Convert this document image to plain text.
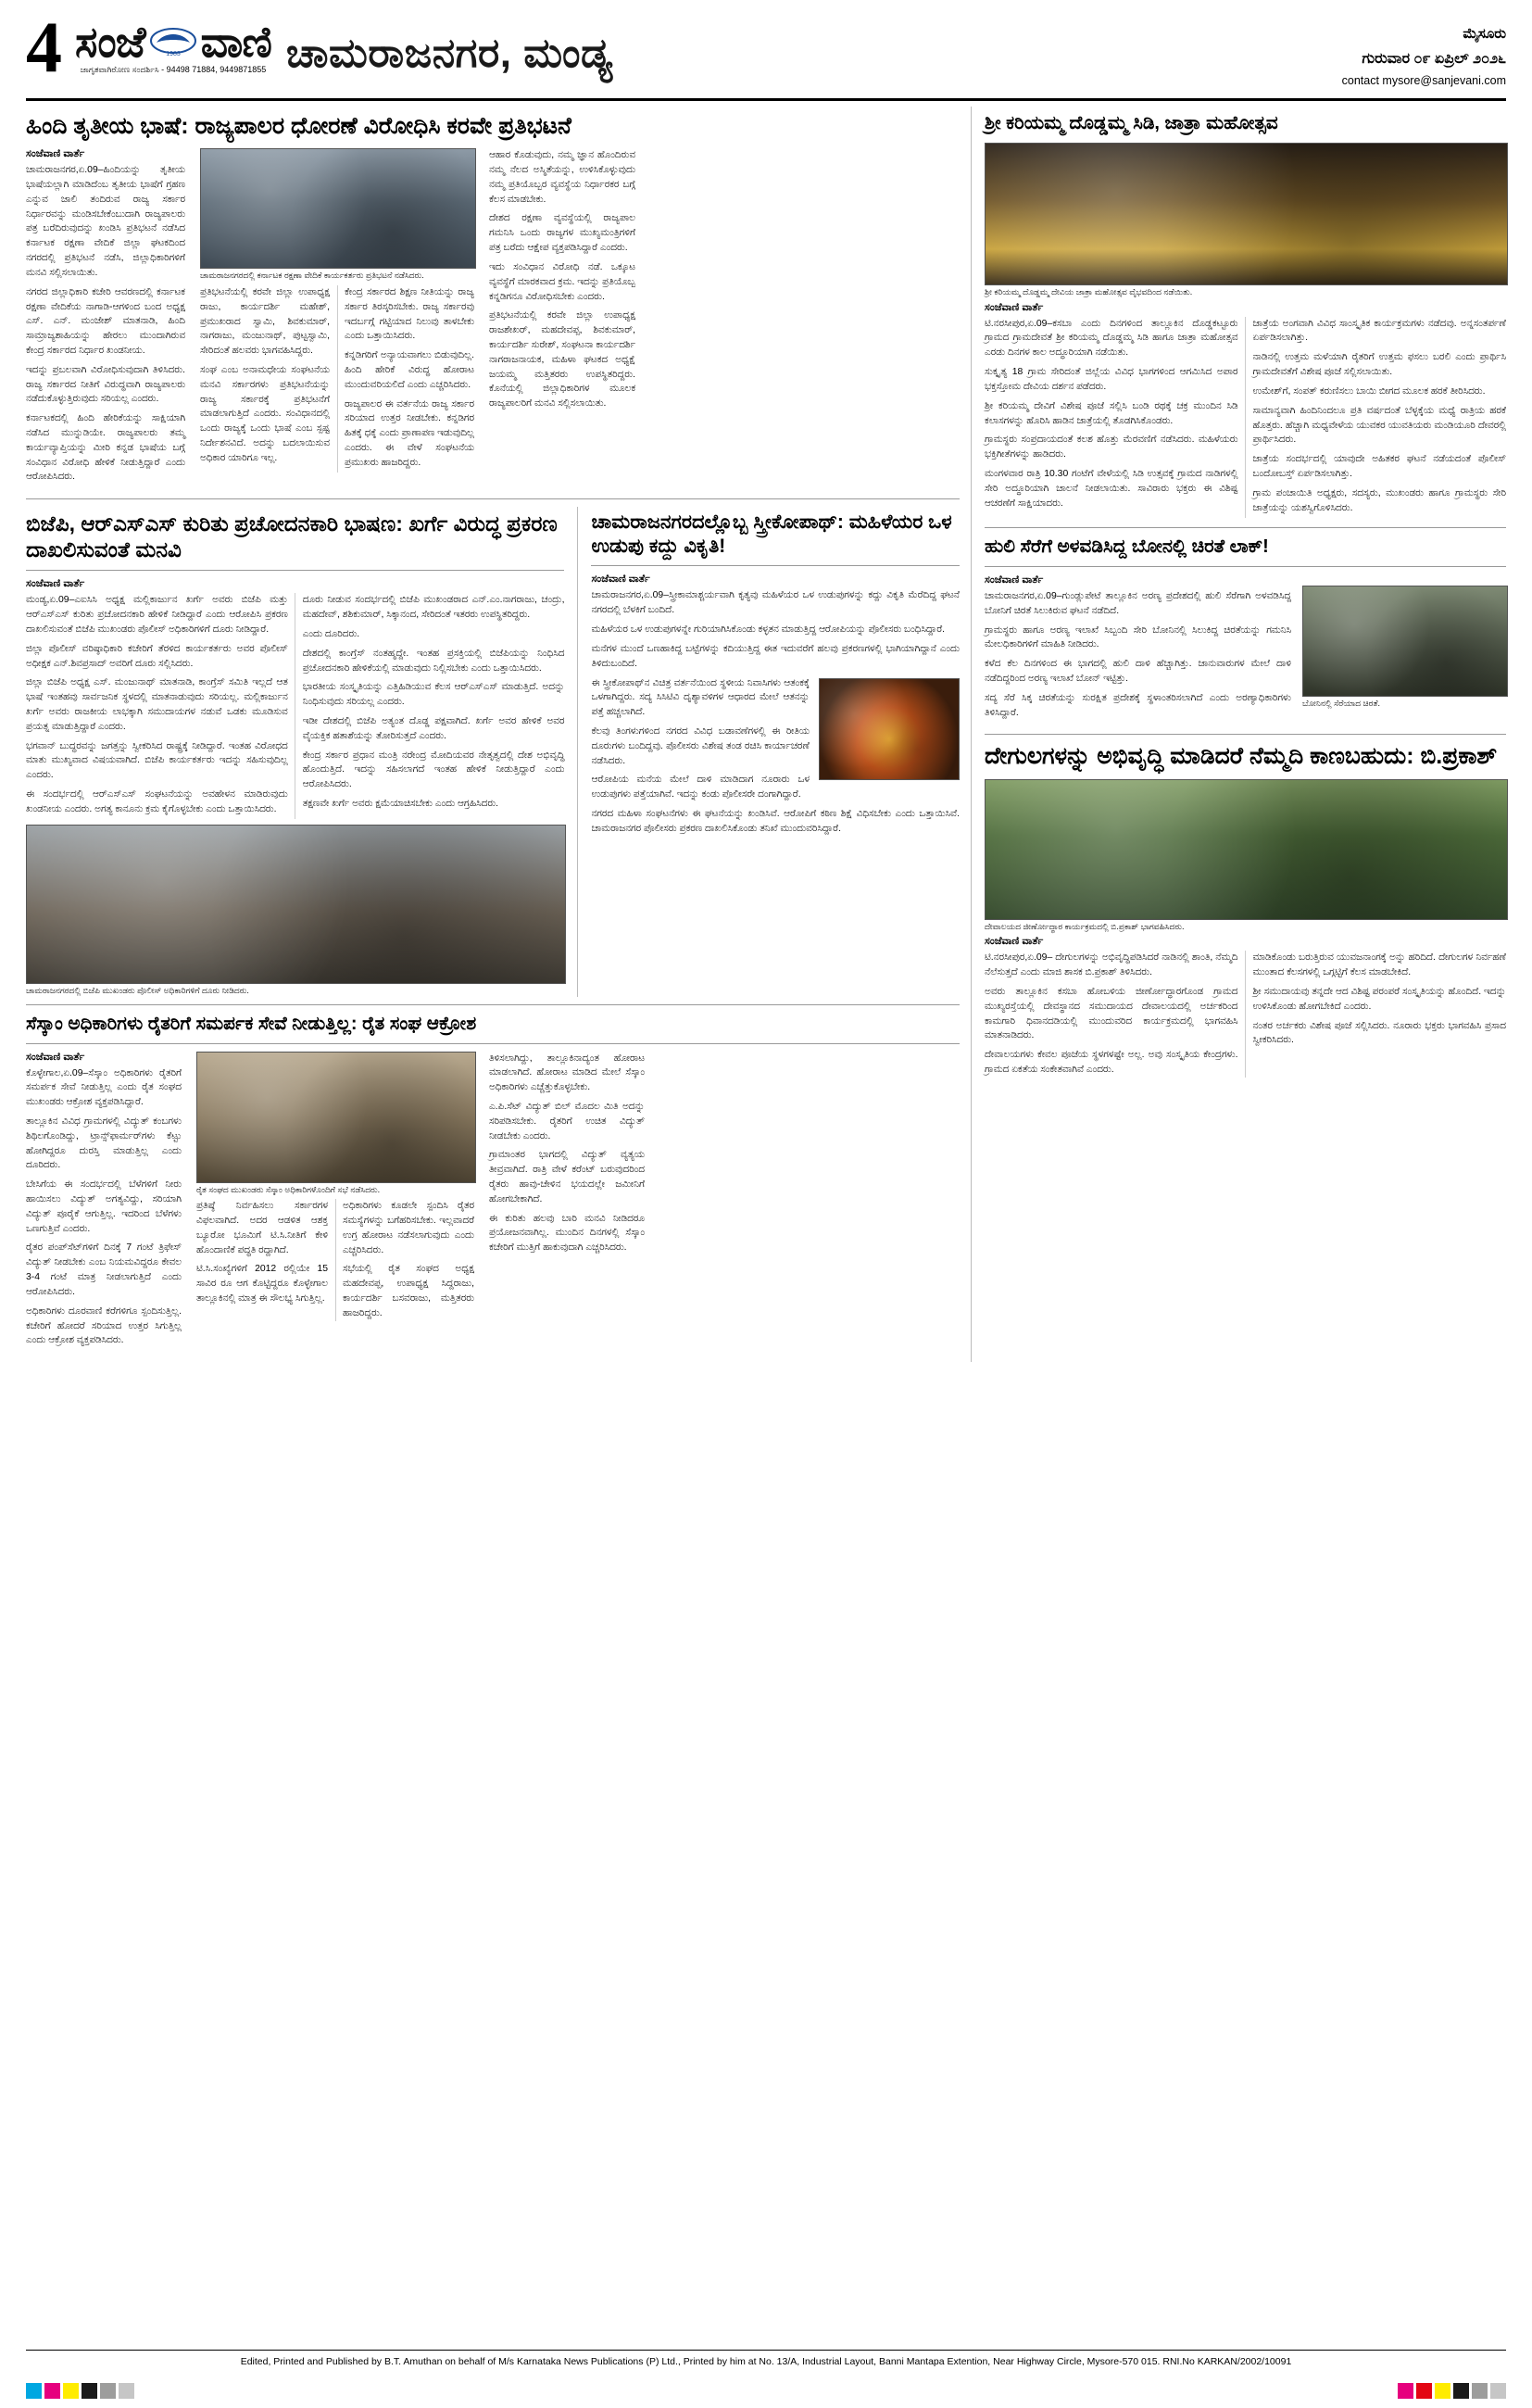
4 ಸಂಜೆ	1983 ವಾಣಿ
ಜಾಗೃತವಾಗಿರೋಣ ಸಂದರ್ಶಿಸಿ - 94498 71884, 9449871855 ಚಾಮರಾಜನಗರ, ಮಂಡ್ಯ	ಮೈಸೂರು
ಗುರುವಾರ ೦೯ ಏಪ್ರಿಲ್ ೨೦೨೬
contact mysore@sanjevani.com
ಹಿಂದಿ ತೃತೀಯ ಭಾಷೆ: ರಾಜ್ಯಪಾಲರ ಧೋರಣೆ ವಿರೋಧಿಸಿ ಕರವೇ ಪ್ರತಿಭಟನೆ
ಸಂಜೆವಾಣಿ ವಾರ್ತೆ

ಚಾಮರಾಜನಗರ,ಏ.09–ಹಿಂದಿಯನ್ನು ತೃತೀಯ ಭಾಷೆಯಲ್ಲಾಗಿ ಮಾಡಿದೆಂಬ ತೃತೀಯ ಭಾಷೆಗೆ ಗ್ರಹಣ ಎನ್ನುವ ಜಾಲಿ ತಂದಿರುವ ರಾಜ್ಯ ಸರ್ಕಾರ ನಿರ್ಧಾರವನ್ನು ಮಂಡಿಸಬೇಕೆಂಬುದಾಗಿ ರಾಜ್ಯಪಾಲರು ಪತ್ರ ಬರೆದಿರುವುದನ್ನು ಖಂಡಿಸಿ ಪ್ರತಿಭಟನೆ ನಡೆಸಿದ ಕರ್ನಾಟಕ ರಕ್ಷಣಾ ವೇದಿಕೆ ಜಿಲ್ಲಾ ಘಟಕದಿಂದ ನಗರದಲ್ಲಿ ಪ್ರತಿಭಟನೆ ನಡೆಸಿ, ಜಿಲ್ಲಾಧಿಕಾರಿಗಳಿಗೆ ಮನವಿ ಸಲ್ಲಿಸಲಾಯಿತು.

ನಗರದ ಜಿಲ್ಲಾಧಿಕಾರಿ ಕಚೇರಿ ಆವರಣದಲ್ಲಿ ಕರ್ನಾಟಕ ರಕ್ಷಣಾ ವೇದಿಕೆಯ ನಾಗಾಡಿ-ಆಗಳಿಂದ ಬಂದ ಅಧ್ಯಕ್ಷ ಎಸ್. ಎನ್. ಮಂಜೇಶ್ ಮಾತನಾಡಿ, ಹಿಂದಿ ಸಾಮ್ರಾಜ್ಯಶಾಹಿಯನ್ನು ಹೇರಲು ಮುಂದಾಗಿರುವ ಕೇಂದ್ರ ಸರ್ಕಾರದ ನಿರ್ಧಾರ ಖಂಡನೀಯ.

ಇದನ್ನು ಪ್ರಬಲವಾಗಿ ವಿರೋಧಿಸುವುದಾಗಿ ತಿಳಿಸಿದರು. ರಾಜ್ಯ ಸರ್ಕಾರದ ನೀತಿಗೆ ವಿರುದ್ಧವಾಗಿ ರಾಜ್ಯಪಾಲರು ನಡೆದುಕೊಳ್ಳುತ್ತಿರುವುದು ಸರಿಯಲ್ಲ ಎಂದರು.

ಕರ್ನಾಟಕದಲ್ಲಿ ಹಿಂದಿ ಹೇರಿಕೆಯನ್ನು ಸಾಕ್ಷಿಯಾಗಿ ನಡೆಸಿದ ಮುನ್ನುಡಿಯೇ. ರಾಜ್ಯಪಾಲರು ತಮ್ಮ ಕಾರ್ಯವ್ಯಾಪ್ತಿಯನ್ನು ಮೀರಿ ಕನ್ನಡ ಭಾಷೆಯ ಬಗ್ಗೆ ಸಂವಿಧಾನ ವಿರೋಧಿ ಹೇಳಿಕೆ ನೀಡುತ್ತಿದ್ದಾರೆ ಎಂದು ಆರೋಪಿಸಿದರು.

ಚಾಮರಾಜನಗರದಲ್ಲಿ ಕರ್ನಾಟಕ ರಕ್ಷಣಾ ವೇದಿಕೆ ಕಾರ್ಯಕರ್ತರು ಪ್ರತಿಭಟನೆ ನಡೆಸಿದರು.

ಪ್ರತಿಭಟನೆಯಲ್ಲಿ ಕರವೇ ಜಿಲ್ಲಾ ಉಪಾಧ್ಯಕ್ಷ ರಾಜು, ಕಾರ್ಯದರ್ಶಿ ಮಹೇಶ್, ಪ್ರಮುಖರಾದ ಸ್ವಾಮಿ, ಶಿವಕುಮಾರ್, ನಾಗರಾಜು, ಮಂಜುನಾಥ್, ಪುಟ್ಟಸ್ವಾಮಿ, ಸೇರಿದಂತೆ ಹಲವರು ಭಾಗವಹಿಸಿದ್ದರು.

ಸಂಘ ಎಂಬ ಅನಾಮಧೇಯ ಸಂಘಟನೆಯ ಮನವಿ ಸರ್ಕಾರಗಳು ಪ್ರತಿಭಟನೆಯನ್ನು ರಾಜ್ಯ ಸರ್ಕಾರಕ್ಕೆ ಪ್ರತಿಭಟನೆಗೆ ಮಾಡಲಾಗುತ್ತಿದೆ ಎಂದರು. ಸಂವಿಧಾನದಲ್ಲಿ ಒಂದು ರಾಜ್ಯಕ್ಕೆ ಒಂದು ಭಾಷೆ ಎಂಬ ಸ್ಪಷ್ಟ ನಿರ್ದೇಶನವಿದೆ. ಅದನ್ನು ಬದಲಾಯಿಸುವ ಅಧಿಕಾರ ಯಾರಿಗೂ ಇಲ್ಲ.

ಕೇಂದ್ರ ಸರ್ಕಾರದ ಶಿಕ್ಷಣ ನೀತಿಯನ್ನು ರಾಜ್ಯ ಸರ್ಕಾರ ತಿರಸ್ಕರಿಸಬೇಕು. ರಾಜ್ಯ ಸರ್ಕಾರವು ಇದರ್ಬಗ್ಗೆ ಗಟ್ಟಿಯಾದ ನಿಲುವು ತಾಳಬೇಕು ಎಂದು ಒತ್ತಾಯಿಸಿದರು.

ಕನ್ನಡಿಗರಿಗೆ ಅನ್ಯಾಯವಾಗಲು ಬಿಡುವುದಿಲ್ಲ. ಹಿಂದಿ ಹೇರಿಕೆ ವಿರುದ್ಧ ಹೋರಾಟ ಮುಂದುವರಿಯಲಿದೆ ಎಂದು ಎಚ್ಚರಿಸಿದರು.

ರಾಜ್ಯಪಾಲರ ಈ ವರ್ತನೆಯ ರಾಜ್ಯ ಸರ್ಕಾರ ಸರಿಯಾದ ಉತ್ತರ ನೀಡಬೇಕು. ಕನ್ನಡಿಗರ ಹಿತಕ್ಕೆ ಧಕ್ಕೆ ಎಂದು ಪ್ರಾಣಾಪಣ ಇಡುವುದಿಲ್ಲ ಎಂದರು. ಈ ವೇಳೆ ಸಂಘಟನೆಯ ಪ್ರಮುಖರು ಹಾಜರಿದ್ದರು.

ಆಹಾರ ಕೊಡುವುದು, ನಮ್ಮ ಜ್ಞಾನ ಹೊಂದಿರುವ ನಮ್ಮ ನೆಲದ ಅಸ್ಮಿತೆಯನ್ನು, ಉಳಿಸಿಕೊಳ್ಳುವುದು ನಮ್ಮ ಪ್ರತಿಯೊಬ್ಬರ ವ್ಯವಸ್ಥೆಯ ನಿರ್ಧಾರಕರ ಬಗ್ಗೆ ಕೆಲಸ ಮಾಡಬೇಕು.

ದೇಶದ ರಕ್ಷಣಾ ವ್ಯವಸ್ಥೆಯಲ್ಲಿ ರಾಜ್ಯಪಾಲ ಗಮನಿಸಿ ಒಂದು ರಾಜ್ಯಗಳ ಮುಖ್ಯಮಂತ್ರಿಗಳಿಗೆ ಪತ್ರ ಬರೆದು ಆಕ್ಷೇಪ ವ್ಯಕ್ತಪಡಿಸಿದ್ದಾರೆ ಎಂದರು.

ಇದು ಸಂವಿಧಾನ ವಿರೋಧಿ ನಡೆ. ಒಕ್ಕೂಟ ವ್ಯವಸ್ಥೆಗೆ ಮಾರಕವಾದ ಕ್ರಮ. ಇದನ್ನು ಪ್ರತಿಯೊಬ್ಬ ಕನ್ನಡಿಗನೂ ವಿರೋಧಿಸಬೇಕು ಎಂದರು.

ಪ್ರತಿಭಟನೆಯಲ್ಲಿ ಕರವೇ ಜಿಲ್ಲಾ ಉಪಾಧ್ಯಕ್ಷ ರಾಜಶೇಖರ್, ಮಹದೇವಪ್ಪ, ಶಿವಕುಮಾರ್, ಕಾರ್ಯದರ್ಶಿ ಸುರೇಶ್, ಸಂಘಟನಾ ಕಾರ್ಯದರ್ಶಿ ನಾಗರಾಜನಾಯಕ, ಮಹಿಳಾ ಘಟಕದ ಅಧ್ಯಕ್ಷೆ ಜಯಮ್ಮ ಮತ್ತಿತರರು ಉಪಸ್ಥಿತರಿದ್ದರು. ಕೊನೆಯಲ್ಲಿ ಜಿಲ್ಲಾಧಿಕಾರಿಗಳ ಮೂಲಕ ರಾಜ್ಯಪಾಲರಿಗೆ ಮನವಿ ಸಲ್ಲಿಸಲಾಯಿತು.

ಬಿಜೆಪಿ, ಆರ್‌ಎಸ್‌ಎಸ್ ಕುರಿತು ಪ್ರಚೋದನಕಾರಿ ಭಾಷಣ: ಖರ್ಗೆ ವಿರುದ್ಧ ಪ್ರಕರಣ ದಾಖಲಿಸುವಂತೆ ಮನವಿ
ಸಂಜೆವಾಣಿ ವಾರ್ತೆ

ಮಂಡ್ಯ,ಏ.09–ಎಐಸಿಸಿ ಅಧ್ಯಕ್ಷ ಮಲ್ಲಿಕಾರ್ಜುನ ಖರ್ಗೆ ಅವರು ಬಿಜೆಪಿ ಮತ್ತು ಆರ್‌ಎಸ್‌ಎಸ್ ಕುರಿತು ಪ್ರಚೋದನಕಾರಿ ಹೇಳಿಕೆ ನೀಡಿದ್ದಾರೆ ಎಂದು ಆರೋಪಿಸಿ ಪ್ರಕರಣ ದಾಖಲಿಸುವಂತೆ ಬಿಜೆಪಿ ಮುಖಂಡರು ಪೊಲೀಸ್ ಅಧಿಕಾರಿಗಳಿಗೆ ದೂರು ನೀಡಿದ್ದಾರೆ.

ಜಿಲ್ಲಾ ಪೊಲೀಸ್ ವರಿಷ್ಠಾಧಿಕಾರಿ ಕಚೇರಿಗೆ ತೆರಳಿದ ಕಾರ್ಯಕರ್ತರು ಅವರ ಪೊಲೀಸ್ ಅಧೀಕ್ಷಕ ಎನ್.ಶಿವಪ್ರಸಾದ್ ಅವರಿಗೆ ದೂರು ಸಲ್ಲಿಸಿದರು.

ಜಿಲ್ಲಾ ಬಿಜೆಪಿ ಅಧ್ಯಕ್ಷ ಎಸ್. ಮಂಜುನಾಥ್ ಮಾತನಾಡಿ, ಕಾಂಗ್ರೆಸ್ ಸಮಿತಿ ಇಲ್ಲದೆ ಆತ ಭಾಷೆ ಇಂತಹವು ಸಾರ್ವಜನಿಕ ಸ್ಥಳದಲ್ಲಿ ಮಾತನಾಡುವುದು ಸರಿಯಲ್ಲ. ಮಲ್ಲಿಕಾರ್ಜುನ ಖರ್ಗೆ ಅವರು ರಾಜಕೀಯ ಲಾಭಕ್ಕಾಗಿ ಸಮುದಾಯಗಳ ನಡುವೆ ಒಡಕು ಮೂಡಿಸುವ ಪ್ರಯತ್ನ ಮಾಡುತ್ತಿದ್ದಾರೆ ಎಂದರು.

ಭಗವಾನ್ ಬುದ್ಧರವನ್ನು ಜಗತ್ತನ್ನು ಸ್ವೀಕರಿಸಿದ ರಾಷ್ಟ್ರಕ್ಕೆ ನೀಡಿದ್ದಾರೆ. ಇಂತಹ ವಿರೋಧದ ಮಾತು ಮುಖ್ಯವಾದ ವಿಷಯವಾಗಿದೆ. ಬಿಜೆಪಿ ಕಾರ್ಯಕರ್ತರು ಇದನ್ನು ಸಹಿಸುವುದಿಲ್ಲ ಎಂದರು.

ಈ ಸಂದರ್ಭದಲ್ಲಿ ಆರ್‌ಎಸ್‌ಎಸ್ ಸಂಘಟನೆಯನ್ನು ಅವಹೇಳನ ಮಾಡಿರುವುದು ಖಂಡನೀಯ ಎಂದರು. ಅಗತ್ಯ ಕಾನೂನು ಕ್ರಮ ಕೈಗೊಳ್ಳಬೇಕು ಎಂದು ಒತ್ತಾಯಿಸಿದರು.

ದೂರು ನೀಡುವ ಸಂದರ್ಭದಲ್ಲಿ ಬಿಜೆಪಿ ಮುಖಂಡರಾದ ಎನ್.ಎಂ.ನಾಗರಾಜು, ಚಂದ್ರು, ಮಹದೇವ್, ಶಶಿಕುಮಾರ್, ಸಿಕ್ಕಾನಂದ, ಸೇರಿದಂತೆ ಇತರರು ಉಪಸ್ಥಿತರಿದ್ದರು.

ಎಂದು ದೂರಿದರು.

ದೇಶದಲ್ಲಿ ಕಾಂಗ್ರೆಸ್ ನಂತಹ್ಮದ್ದೇ. ಇಂತಹ ಪ್ರಸಕ್ತಿಯಲ್ಲಿ ಬಿಜೆಪಿಯನ್ನು ನಿಂಧಿಸಿದ ಪ್ರಚೋದನಕಾರಿ ಹೇಳಿಕೆಯಲ್ಲಿ ಮಾಡುವುದು ನಿಲ್ಲಿಸಬೇಕು ಎಂದು ಒತ್ತಾಯಿಸಿದರು.

ಭಾರತೀಯ ಸಂಸ್ಕೃತಿಯನ್ನು ಎತ್ತಿಹಿಡಿಯುವ ಕೆಲಸ ಆರ್‌ಎಸ್‌ಎಸ್ ಮಾಡುತ್ತಿದೆ. ಅದನ್ನು ನಿಂಧಿಸುವುದು ಸರಿಯಲ್ಲ ಎಂದರು.

ಇಡೀ ದೇಶದಲ್ಲಿ ಬಿಜೆಪಿ ಅತ್ಯಂತ ದೊಡ್ಡ ಪಕ್ಷವಾಗಿದೆ. ಖರ್ಗೆ ಅವರ ಹೇಳಿಕೆ ಅವರ ವೈಯಕ್ತಿಕ ಹತಾಶೆಯನ್ನು ತೋರಿಸುತ್ತದೆ ಎಂದರು.

ಕೇಂದ್ರ ಸರ್ಕಾರ ಪ್ರಧಾನ ಮಂತ್ರಿ ನರೇಂದ್ರ ಮೋದಿಯವರ ನೇತೃತ್ವದಲ್ಲಿ ದೇಶ ಅಭಿವೃದ್ಧಿ ಹೊಂದುತ್ತಿದೆ. ಇದನ್ನು ಸಹಿಸಲಾಗದೆ ಇಂತಹ ಹೇಳಿಕೆ ನೀಡುತ್ತಿದ್ದಾರೆ ಎಂದು ಆರೋಪಿಸಿದರು.

ತಕ್ಷಣವೇ ಖರ್ಗೆ ಅವರು ಕ್ಷಮೆಯಾಚಿಸಬೇಕು ಎಂದು ಆಗ್ರಹಿಸಿದರು.

ಚಾಮರಾಜನಗರದಲ್ಲಿ ಬಿಜೆಪಿ ಮುಖಂಡರು ಪೊಲೀಸ್ ಅಧಿಕಾರಿಗಳಿಗೆ ದೂರು ನೀಡಿದರು.
ಚಾಮರಾಜನಗರದಲ್ಲೊಬ್ಬ ಸ್ತ್ರೀಕೋಪಾಥ್: ಮಹಿಳೆಯರ ಒಳ ಉಡುಪು ಕದ್ದು ವಿಕೃತಿ!
ಸಂಜೆವಾಣಿ ವಾರ್ತೆ

ಚಾಮರಾಜನಗರ,ಏ.09–ಸ್ತ್ರೀಕಾಮಾಶ್ಚರ್ಯವಾಗಿ ಕೃತ್ಯವು ಮಹಿಳೆಯರ ಒಳ ಉಡುಪುಗಳನ್ನು ಕದ್ದು ವಿಕೃತಿ ಮೆರೆದಿದ್ದ ಘಟನೆ ನಗರದಲ್ಲಿ ಬೆಳಕಿಗೆ ಬಂದಿದೆ.

ಮಹಿಳೆಯರ ಒಳ ಉಡುಪುಗಳನ್ನೇ ಗುರಿಯಾಗಿಸಿಕೊಂಡು ಕಳ್ಳತನ ಮಾಡುತ್ತಿದ್ದ ಆರೋಪಿಯನ್ನು ಪೊಲೀಸರು ಬಂಧಿಸಿದ್ದಾರೆ.

ಮನೆಗಳ ಮುಂದೆ ಒಣಹಾಕಿದ್ದ ಬಟ್ಟೆಗಳನ್ನು ಕದಿಯುತ್ತಿದ್ದ ಈತ ಇದುವರೆಗೆ ಹಲವು ಪ್ರಕರಣಗಳಲ್ಲಿ ಭಾಗಿಯಾಗಿದ್ದಾನೆ ಎಂದು ತಿಳಿದುಬಂದಿದೆ.

ಈ ಸ್ತ್ರೀಕೋಪಾಥ್‌ನ ವಿಚಿತ್ರ ವರ್ತನೆಯಿಂದ ಸ್ಥಳೀಯ ನಿವಾಸಿಗಳು ಆತಂಕಕ್ಕೆ ಒಳಗಾಗಿದ್ದರು. ಸದ್ಯ ಸಿಸಿಟಿವಿ ದೃಶ್ಯಾವಳಿಗಳ ಆಧಾರದ ಮೇಲೆ ಆತನನ್ನು ಪತ್ತೆ ಹಚ್ಚಲಾಗಿದೆ.

ಕೆಲವು ತಿಂಗಳುಗಳಿಂದ ನಗರದ ವಿವಿಧ ಬಡಾವಣೆಗಳಲ್ಲಿ ಈ ರೀತಿಯ ದೂರುಗಳು ಬಂದಿದ್ದವು. ಪೊಲೀಸರು ವಿಶೇಷ ತಂಡ ರಚಿಸಿ ಕಾರ್ಯಾಚರಣೆ ನಡೆಸಿದರು.

ಆರೋಪಿಯ ಮನೆಯ ಮೇಲೆ ದಾಳಿ ಮಾಡಿದಾಗ ನೂರಾರು ಒಳ ಉಡುಪುಗಳು ಪತ್ತೆಯಾಗಿವೆ. ಇದನ್ನು ಕಂಡು ಪೊಲೀಸರೇ ದಂಗಾಗಿದ್ದಾರೆ.

ನಗರದ ಮಹಿಳಾ ಸಂಘಟನೆಗಳು ಈ ಘಟನೆಯನ್ನು ಖಂಡಿಸಿವೆ. ಆರೋಪಿಗೆ ಕಠಿಣ ಶಿಕ್ಷೆ ವಿಧಿಸಬೇಕು ಎಂದು ಒತ್ತಾಯಿಸಿವೆ. ಚಾಮರಾಜನಗರ ಪೊಲೀಸರು ಪ್ರಕರಣ ದಾಖಲಿಸಿಕೊಂಡು ತನಿಖೆ ಮುಂದುವರಿಸಿದ್ದಾರೆ.

ಸೆಸ್ಕಾಂ ಅಧಿಕಾರಿಗಳು ರೈತರಿಗೆ ಸಮರ್ಪಕ ಸೇವೆ ನೀಡುತ್ತಿಲ್ಲ: ರೈತ ಸಂಘ ಆಕ್ರೋಶ
ಸಂಜೆವಾಣಿ ವಾರ್ತೆ

ಕೊಳ್ಳೇಗಾಲ,ಏ.09–ಸೆಸ್ಕಾಂ ಅಧಿಕಾರಿಗಳು ರೈತರಿಗೆ ಸಮರ್ಪಕ ಸೇವೆ ನೀಡುತ್ತಿಲ್ಲ ಎಂದು ರೈತ ಸಂಘದ ಮುಖಂಡರು ಆಕ್ರೋಶ ವ್ಯಕ್ತಪಡಿಸಿದ್ದಾರೆ.

ತಾಲ್ಲೂಕಿನ ವಿವಿಧ ಗ್ರಾಮಗಳಲ್ಲಿ ವಿದ್ಯುತ್ ಕಂಬಗಳು ಶಿಥಿಲಗೊಂಡಿದ್ದು, ಟ್ರಾನ್ಸ್‌ಫಾರ್ಮರ್‌ಗಳು ಕೆಟ್ಟು ಹೋಗಿದ್ದರೂ ದುರಸ್ತಿ ಮಾಡುತ್ತಿಲ್ಲ ಎಂದು ದೂರಿದರು.

ಬೇಸಿಗೆಯ ಈ ಸಂದರ್ಭದಲ್ಲಿ ಬೆಳೆಗಳಿಗೆ ನೀರು ಹಾಯಿಸಲು ವಿದ್ಯುತ್ ಅಗತ್ಯವಿದ್ದು, ಸರಿಯಾಗಿ ವಿದ್ಯುತ್ ಪೂರೈಕೆ ಆಗುತ್ತಿಲ್ಲ. ಇದರಿಂದ ಬೆಳೆಗಳು ಒಣಗುತ್ತಿವೆ ಎಂದರು.

ರೈತರ ಪಂಪ್‌ಸೆಟ್‌ಗಳಿಗೆ ದಿನಕ್ಕೆ 7 ಗಂಟೆ ತ್ರಿಫೇಸ್ ವಿದ್ಯುತ್ ನೀಡಬೇಕು ಎಂಬ ನಿಯಮವಿದ್ದರೂ ಕೇವಲ 3-4 ಗಂಟೆ ಮಾತ್ರ ನೀಡಲಾಗುತ್ತಿದೆ ಎಂದು ಆರೋಪಿಸಿದರು.

ಅಧಿಕಾರಿಗಳು ದೂರವಾಣಿ ಕರೆಗಳಿಗೂ ಸ್ಪಂದಿಸುತ್ತಿಲ್ಲ. ಕಚೇರಿಗೆ ಹೋದರೆ ಸರಿಯಾದ ಉತ್ತರ ಸಿಗುತ್ತಿಲ್ಲ ಎಂದು ಆಕ್ರೋಶ ವ್ಯಕ್ತಪಡಿಸಿದರು.

ರೈತ ಸಂಘದ ಮುಖಂಡರು ಸೆಸ್ಕಾಂ ಅಧಿಕಾರಿಗಳೊಂದಿಗೆ ಸಭೆ ನಡೆಸಿದರು.

ಪ್ರತಿಷ್ಠೆ ನಿರ್ವಹಿಸಲು ಸರ್ಕಾರಗಳ ವಿಫಲವಾಗಿದೆ. ಅದರ ಆಡಳಿತ ಆಶಕ್ತ ಬ್ಯೂರೋ ಭೂಮಿಗೆ ಟಿ.ಸಿ.ನೀತಿಗೆ ಕೇಳಿ ಹೊಂದಾಣಿಕೆ ಪದ್ಧತಿ ರದ್ದಾಗಿದೆ.

ಟಿ.ಸಿ.ಸಂಖ್ಯೆಗಳಿಗೆ 2012 ರಲ್ಲಿಯೇ 15 ಸಾವಿರ ರೂ ಆಗ ಕೊಟ್ಟಿದ್ದರೂ ಕೊಳ್ಳೇಗಾಲ ತಾಲ್ಲೂಕಿನಲ್ಲಿ ಮಾತ್ರ ಈ ಸೌಲಭ್ಯ ಸಿಗುತ್ತಿಲ್ಲ.

ಅಧಿಕಾರಿಗಳು ಕೂಡಲೇ ಸ್ಪಂದಿಸಿ ರೈತರ ಸಮಸ್ಯೆಗಳನ್ನು ಬಗೆಹರಿಸಬೇಕು. ಇಲ್ಲವಾದರೆ ಉಗ್ರ ಹೋರಾಟ ನಡೆಸಲಾಗುವುದು ಎಂದು ಎಚ್ಚರಿಸಿದರು.

ಸಭೆಯಲ್ಲಿ ರೈತ ಸಂಘದ ಅಧ್ಯಕ್ಷ ಮಹದೇವಪ್ಪ, ಉಪಾಧ್ಯಕ್ಷ ಸಿದ್ದರಾಜು, ಕಾರ್ಯದರ್ಶಿ ಬಸವರಾಜು, ಮತ್ತಿತರರು ಹಾಜರಿದ್ದರು.

ತಿಳಿಸಲಾಗಿದ್ದು, ತಾಲ್ಲೂಕಿನಾದ್ಯಂತ ಹೋರಾಟ ಮಾಡಲಾಗಿದೆ. ಹೋರಾಟ ಮಾಡಿದ ಮೇಲೆ ಸೆಸ್ಕಾಂ ಅಧಿಕಾರಿಗಳು ಎಚ್ಚೆತ್ತುಕೊಳ್ಳಬೇಕು.

ಎ.ಪಿ.ಸೆಟ್ ವಿದ್ಯುತ್ ಬಿಲ್ ಮೊದಲ ಮಿತಿ ಅದನ್ನು ಸರಿಪಡಿಸಬೇಕು. ರೈತರಿಗೆ ಉಚಿತ ವಿದ್ಯುತ್ ನೀಡಬೇಕು ಎಂದರು.

ಗ್ರಾಮಾಂತರ ಭಾಗದಲ್ಲಿ ವಿದ್ಯುತ್ ವ್ಯತ್ಯಯ ತೀವ್ರವಾಗಿದೆ. ರಾತ್ರಿ ವೇಳೆ ಕರೆಂಟ್ ಬರುವುದರಿಂದ ರೈತರು ಹಾವು-ಚೇಳಿನ ಭಯದಲ್ಲೇ ಜಮೀನಿಗೆ ಹೋಗಬೇಕಾಗಿದೆ.

ಈ ಕುರಿತು ಹಲವು ಬಾರಿ ಮನವಿ ನೀಡಿದರೂ ಪ್ರಯೋಜನವಾಗಿಲ್ಲ. ಮುಂದಿನ ದಿನಗಳಲ್ಲಿ ಸೆಸ್ಕಾಂ ಕಚೇರಿಗೆ ಮುತ್ತಿಗೆ ಹಾಕುವುದಾಗಿ ಎಚ್ಚರಿಸಿದರು.

ಶ್ರೀ ಕರಿಯಮ್ಮ ದೊಡ್ಡಮ್ಮ ಸಿಡಿ, ಜಾತ್ರಾ ಮಹೋತ್ಸವ
ಶ್ರೀ ಕರಿಯಮ್ಮ ದೊಡ್ಡಮ್ಮ ದೇವಿಯ ಜಾತ್ರಾ ಮಹೋತ್ಸವ ವೈಭವದಿಂದ ನಡೆಯಿತು.
ಸಂಜೆವಾಣಿ ವಾರ್ತೆ

ಟಿ.ನರಸೀಪುರ,ಏ.09–ಕಸಬಾ ಎಂದು ದಿನಗಳಿಂದ ತಾಲ್ಲೂಕಿನ ದೊಡ್ಡಕಟ್ಟೂರು ಗ್ರಾಮದ ಗ್ರಾಮದೇವತೆ ಶ್ರೀ ಕರಿಯಮ್ಮ ದೊಡ್ಡಮ್ಮ ಸಿಡಿ ಹಾಗೂ ಜಾತ್ರಾ ಮಹೋತ್ಸವ ಎರಡು ದಿನಗಳ ಕಾಲ ಅದ್ಧೂರಿಯಾಗಿ ನಡೆಯಿತು.

ಸುಕ್ಕೃತ್ಯ 18 ಗ್ರಾಮ ಸೇರಿದಂತೆ ಜಿಲ್ಲೆಯ ವಿವಿಧ ಭಾಗಗಳಿಂದ ಆಗಮಿಸಿದ ಅಪಾರ ಭಕ್ತಸ್ತೋಮ ದೇವಿಯ ದರ್ಶನ ಪಡೆದರು.

ಶ್ರೀ ಕರಿಯಮ್ಮ ದೇವಿಗೆ ವಿಶೇಷ ಪೂಜೆ ಸಲ್ಲಿಸಿ ಬಂಡಿ ರಥಕ್ಕೆ ಚಕ್ರ ಮುಂದಿನ ಸಿಡಿ ಕಲಾಸಗಳನ್ನು ಹೊರಿಸಿ ಹಾಡಿನ ಜಾತ್ರೆಯಲ್ಲಿ ತೊಡಗಿಸಿಕೊಂಡರು.

ಗ್ರಾಮಸ್ಥರು ಸಂಪ್ರದಾಯದಂತೆ ಕಲಶ ಹೊತ್ತು ಮೆರವಣಿಗೆ ನಡೆಸಿದರು. ಮಹಿಳೆಯರು ಭಕ್ತಿಗೀತೆಗಳನ್ನು ಹಾಡಿದರು.

ಮಂಗಳವಾರ ರಾತ್ರಿ 10.30 ಗಂಟೆಗೆ ವೇಳೆಯಲ್ಲಿ ಸಿಡಿ ಉತ್ಸವಕ್ಕೆ ಗ್ರಾಮದ ನಾಡಿಗಳಲ್ಲಿ ಸೇರಿ ಅದ್ಧೂರಿಯಾಗಿ ಚಾಲನೆ ನೀಡಲಾಯಿತು. ಸಾವಿರಾರು ಭಕ್ತರು ಈ ವಿಶಿಷ್ಟ ಆಚರಣೆಗೆ ಸಾಕ್ಷಿಯಾದರು.

ಜಾತ್ರೆಯ ಅಂಗವಾಗಿ ವಿವಿಧ ಸಾಂಸ್ಕೃತಿಕ ಕಾರ್ಯಕ್ರಮಗಳು ನಡೆದವು. ಅನ್ನಸಂತರ್ಪಣೆ ಏರ್ಪಡಿಸಲಾಗಿತ್ತು.

ನಾಡಿನಲ್ಲಿ ಉತ್ತಮ ಮಳೆಯಾಗಿ ರೈತರಿಗೆ ಉತ್ತಮ ಫಸಲು ಬರಲಿ ಎಂದು ಪ್ರಾರ್ಥಿಸಿ ಗ್ರಾಮದೇವತೆಗೆ ವಿಶೇಷ ಪೂಜೆ ಸಲ್ಲಿಸಲಾಯಿತು.

ಉಮೇಶ್‌ಗೆ, ಸಂಪತ್ ಕರುಣಿಸಲು ಬಾಯಿ ಬೀಗದ ಮೂಲಕ ಹರಕೆ ತೀರಿಸಿದರು.

ಸಾಮಾನ್ಯವಾಗಿ ಹಿಂದಿನಿಂದಲೂ ಪ್ರತಿ ವರ್ಷದಂತೆ ಬೆಳ್ಳಕ್ಕೆಯ ಮಧ್ಯೆ ರಾತ್ರಿಯ ಹರಕೆ ಹೊತ್ತರು. ಹೆಚ್ಚಾಗಿ ಮಧ್ಯವೇಳೆಯ ಯುವಕರ ಯುವತಿಯರು ಮಂಡಿಯೂರಿ ದೇವರಲ್ಲಿ ಪ್ರಾರ್ಥಿಸಿದರು.

ಜಾತ್ರೆಯ ಸಂದರ್ಭದಲ್ಲಿ ಯಾವುದೇ ಅಹಿತಕರ ಘಟನೆ ನಡೆಯದಂತೆ ಪೊಲೀಸ್ ಬಂದೋಬಸ್ತ್ ಏರ್ಪಡಿಸಲಾಗಿತ್ತು.

ಗ್ರಾಮ ಪಂಚಾಯಿತಿ ಅಧ್ಯಕ್ಷರು, ಸದಸ್ಯರು, ಮುಖಂಡರು ಹಾಗೂ ಗ್ರಾಮಸ್ಥರು ಸೇರಿ ಜಾತ್ರೆಯನ್ನು ಯಶಸ್ವಿಗೊಳಿಸಿದರು.

ಹುಲಿ ಸೆರೆಗೆ ಅಳವಡಿಸಿದ್ದ ಬೋನಲ್ಲಿ ಚಿರತೆ ಲಾಕ್!
ಸಂಜೆವಾಣಿ ವಾರ್ತೆ

ಚಾಮರಾಜನಗರ,ಏ.09–ಗುಂಡ್ಲುಪೇಟೆ ತಾಲ್ಲೂಕಿನ ಅರಣ್ಯ ಪ್ರದೇಶದಲ್ಲಿ ಹುಲಿ ಸೆರೆಗಾಗಿ ಅಳವಡಿಸಿದ್ದ ಬೋನಿಗೆ ಚಿರತೆ ಸಿಲುಕಿರುವ ಘಟನೆ ನಡೆದಿದೆ.

ಗ್ರಾಮಸ್ಥರು ಹಾಗೂ ಅರಣ್ಯ ಇಲಾಖೆ ಸಿಬ್ಬಂದಿ ಸೇರಿ ಬೋನಿನಲ್ಲಿ ಸಿಲುಕಿದ್ದ ಚಿರತೆಯನ್ನು ಗಮನಿಸಿ ಮೇಲಧಿಕಾರಿಗಳಿಗೆ ಮಾಹಿತಿ ನೀಡಿದರು.

ಕಳೆದ ಕೆಲ ದಿನಗಳಿಂದ ಈ ಭಾಗದಲ್ಲಿ ಹುಲಿ ದಾಳಿ ಹೆಚ್ಚಾಗಿತ್ತು. ಜಾನುವಾರುಗಳ ಮೇಲೆ ದಾಳಿ ನಡೆದಿದ್ದರಿಂದ ಅರಣ್ಯ ಇಲಾಖೆ ಬೋನ್ ಇಟ್ಟಿತ್ತು.

ಸದ್ಯ ಸೆರೆ ಸಿಕ್ಕ ಚಿರತೆಯನ್ನು ಸುರಕ್ಷಿತ ಪ್ರದೇಶಕ್ಕೆ ಸ್ಥಳಾಂತರಿಸಲಾಗಿದೆ ಎಂದು ಅರಣ್ಯಾಧಿಕಾರಿಗಳು ತಿಳಿಸಿದ್ದಾರೆ.

ಬೋನಿನಲ್ಲಿ ಸೆರೆಯಾದ ಚಿರತೆ.
ದೇಗುಲಗಳನ್ನು ಅಭಿವೃದ್ಧಿ ಮಾಡಿದರೆ ನೆಮ್ಮದಿ ಕಾಣಬಹುದು: ಬಿ.ಪ್ರಕಾಶ್
ದೇವಾಲಯದ ಜೀರ್ಣೋದ್ಧಾರ ಕಾರ್ಯಕ್ರಮದಲ್ಲಿ ಬಿ.ಪ್ರಕಾಶ್ ಭಾಗವಹಿಸಿದರು.
ಸಂಜೆವಾಣಿ ವಾರ್ತೆ

ಟಿ.ನರಸೀಪುರ,ಏ.09– ದೇಗುಲಗಳನ್ನು ಅಭಿವೃದ್ಧಿಪಡಿಸಿದರೆ ನಾಡಿನಲ್ಲಿ ಶಾಂತಿ, ನೆಮ್ಮದಿ ನೆಲೆಸುತ್ತದೆ ಎಂದು ಮಾಜಿ ಶಾಸಕ ಬಿ.ಪ್ರಕಾಶ್ ತಿಳಿಸಿದರು.

ಅವರು ತಾಲ್ಲೂಕಿನ ಕಸಬಾ ಹೋಬಳಿಯ ಜೀರ್ಣೋದ್ಧಾರಗೊಂಡ ಗ್ರಾಮದ ಮುಖ್ಯರಸ್ತೆಯಲ್ಲಿ ದೇವಸ್ಥಾನದ ಸಮುದಾಯದ ದೇವಾಲಯದಲ್ಲಿ ಅರ್ಚಕರಿಂದ ಕಾಮಗಾರಿ ಧಿವಾನದಡಿಯಲ್ಲಿ ಮುಂದುವರಿದ ಕಾರ್ಯಕ್ರಮದಲ್ಲಿ ಭಾಗವಹಿಸಿ ಮಾತನಾಡಿದರು.

ದೇವಾಲಯಗಳು ಕೇವಲ ಪೂಜೆಯ ಸ್ಥಳಗಳಷ್ಟೇ ಅಲ್ಲ. ಅವು ಸಂಸ್ಕೃತಿಯ ಕೇಂದ್ರಗಳು. ಗ್ರಾಮದ ಏಕತೆಯ ಸಂಕೇತವಾಗಿವೆ ಎಂದರು.

ಮಾಡಿಕೊಂಡು ಬರುತ್ತಿರುವ ಯುವಜನಾಂಗಕ್ಕೆ ಅನ್ನು ಹರಿದಿದೆ. ದೇಗುಲಗಳ ನಿರ್ವಹಣೆ ಮುಂತಾದ ಕೆಲಸಗಳಲ್ಲಿ ಒಗ್ಗಟ್ಟಿಗೆ ಕೆಲಸ ಮಾಡಬೇಕಿದೆ.

ಶ್ರೀ ಸಮುದಾಯವು ತನ್ನದೇ ಆದ ವಿಶಿಷ್ಟ ಪರಂಪರೆ ಸಂಸ್ಕೃತಿಯನ್ನು ಹೊಂದಿದೆ. ಇದನ್ನು ಉಳಿಸಿಕೊಂಡು ಹೋಗಬೇಕಿದೆ ಎಂದರು.

ನಂತರ ಅರ್ಚಕರು ವಿಶೇಷ ಪೂಜೆ ಸಲ್ಲಿಸಿದರು. ನೂರಾರು ಭಕ್ತರು ಭಾಗವಹಿಸಿ ಪ್ರಸಾದ ಸ್ವೀಕರಿಸಿದರು.

Edited, Printed and Published by B.T. Amuthan on behalf of M/s Karnataka News Publications (P) Ltd., Printed by him at No. 13/A, Industrial Layout, Banni Mantapa Extention, Near Highway Circle, Mysore-570 015. RNI.No KARKAN/2002/10091
